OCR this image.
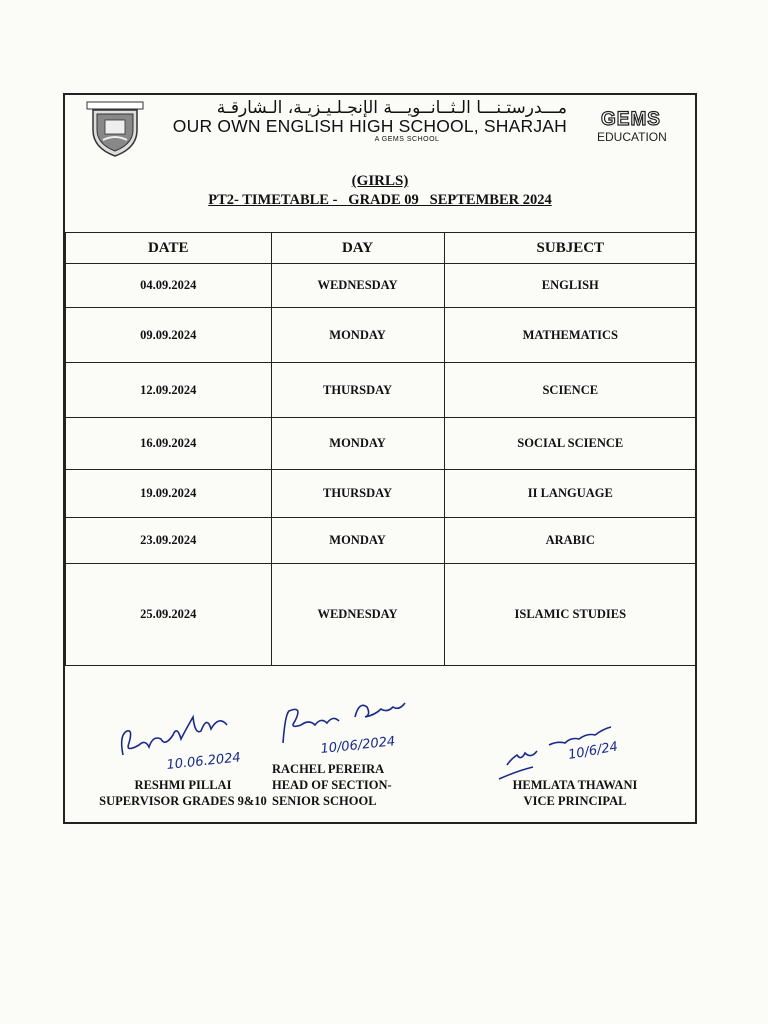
مـــدرستـنـــا الـثــانــويـــة الإنجـلـيـزيـة، الـشارقـة
OUR OWN ENGLISH HIGH SCHOOL, SHARJAH
A GEMS SCHOOL
GEMS
EDUCATION
(GIRLS)
PT2- TIMETABLE -   GRADE 09   SEPTEMBER 2024
DATE	DAY	SUBJECT
04.09.2024	WEDNESDAY	ENGLISH
09.09.2024	MONDAY	MATHEMATICS
12.09.2024	THURSDAY	SCIENCE
16.09.2024	MONDAY	SOCIAL SCIENCE
19.09.2024	THURSDAY	II LANGUAGE
23.09.2024	MONDAY	ARABIC
25.09.2024	WEDNESDAY	ISLAMIC STUDIES
10.06.2024
RESHMI PILLAI
SUPERVISOR GRADES 9&10
10/06/2024
RACHEL PEREIRA
HEAD OF SECTION-
SENIOR SCHOOL
10/6/24
HEMLATA THAWANI
VICE PRINCIPAL
